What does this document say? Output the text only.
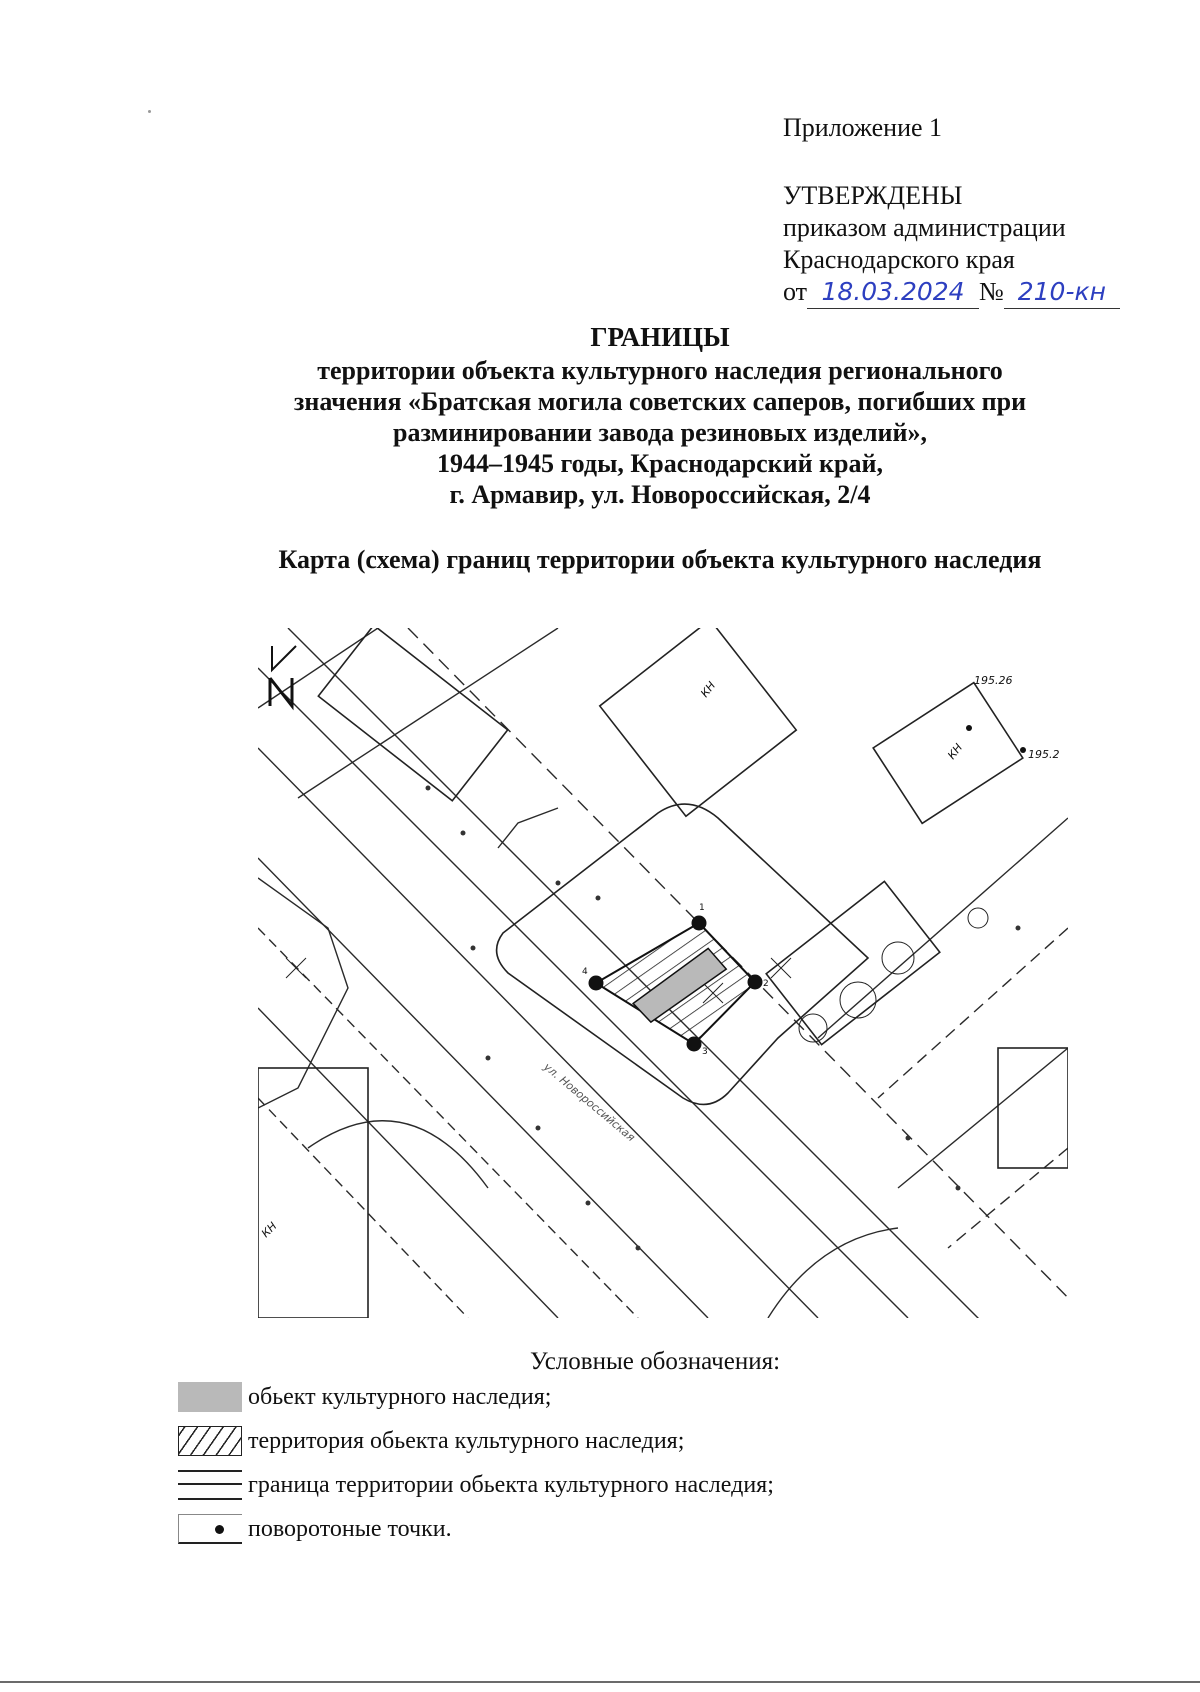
Приложение 1
УТВЕРЖДЕНЫ
приказом администрации
Краснодарского края
от 18.03.2024 № 210-кн
ГРАНИЦЫ
территории объекта культурного наследия регионального
значения «Братская могила советских саперов, погибших при
разминировании завода резиновых изделий»,
1944–1945 годы, Краснодарский край,
г. Армавир, ул. Новороссийская, 2/4
Карта (схема) границ территории объекта культурного наследия
1
2
3
4
195.26
195.2
КН
КН
КН
ул. Новороссийская
Условные обозначения:
обьект культурного наследия;
территория обьекта культурного наследия;
граница территории обьекта культурного наследия;
поворотоные точки.
